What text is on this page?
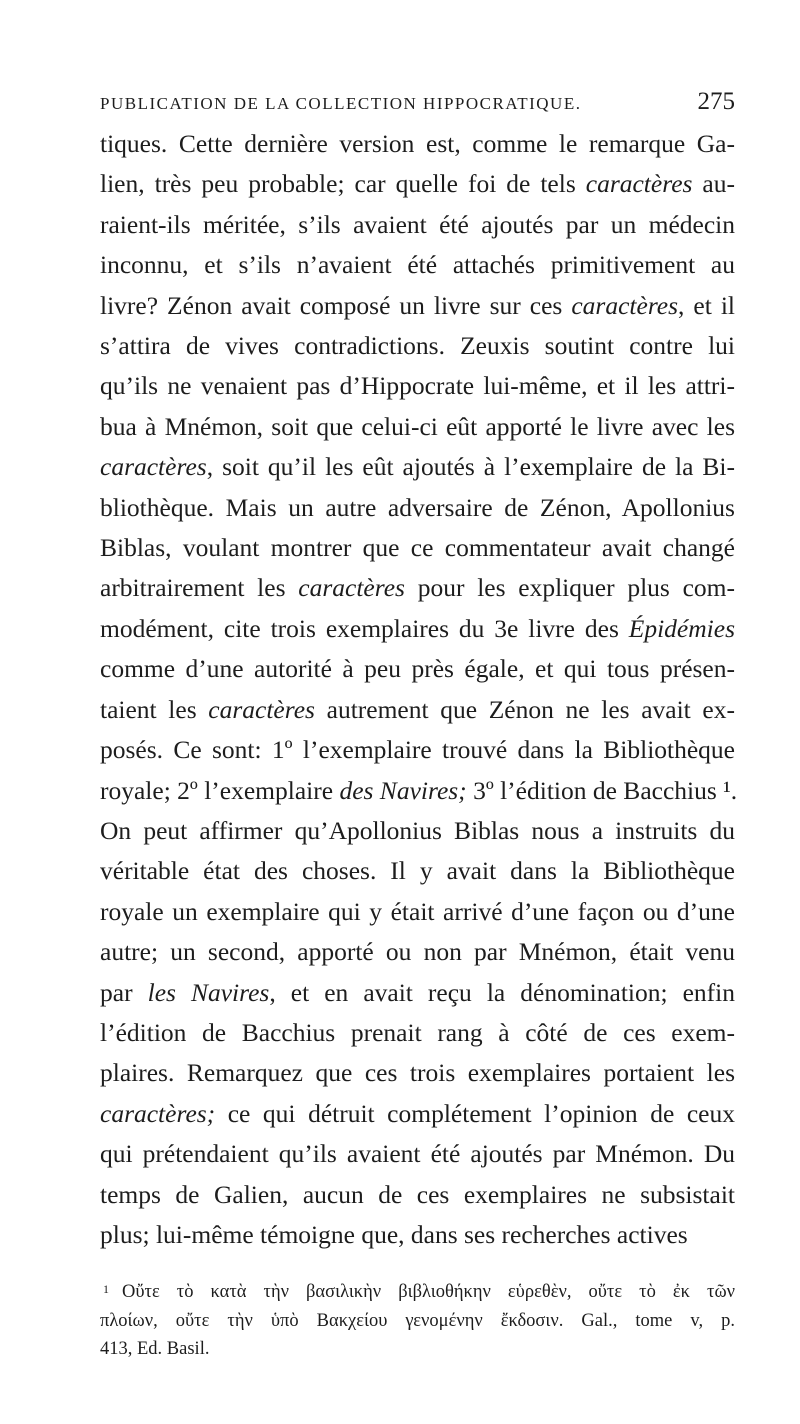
PUBLICATION DE LA COLLECTION HIPPOCRATIQUE.	275
tiques. Cette dernière version est, comme le remarque Ga-
lien, très peu probable; car quelle foi de tels caractères au-
raient-ils méritée, s’ils avaient été ajoutés par un médecin
inconnu, et s’ils n’avaient été attachés primitivement au
livre? Zénon avait composé un livre sur ces caractères, et il
s’attira de vives contradictions. Zeuxis soutint contre lui
qu’ils ne venaient pas d’Hippocrate lui-même, et il les attri-
bua à Mnémon, soit que celui-ci eût apporté le livre avec les
caractères, soit qu’il les eût ajoutés à l’exemplaire de la Bi-
bliothèque. Mais un autre adversaire de Zénon, Apollonius
Biblas, voulant montrer que ce commentateur avait changé
arbitrairement les caractères pour les expliquer plus com-
modément, cite trois exemplaires du 3e livre des Épidémies
comme d’une autorité à peu près égale, et qui tous présen-
taient les caractères autrement que Zénon ne les avait ex-
posés. Ce sont: 1º l’exemplaire trouvé dans la Bibliothèque
royale; 2º l’exemplaire des Navires; 3º l’édition de Bacchius ¹.
On peut affirmer qu’Apollonius Biblas nous a instruits du
véritable état des choses. Il y avait dans la Bibliothèque
royale un exemplaire qui y était arrivé d’une façon ou d’une
autre; un second, apporté ou non par Mnémon, était venu
par les Navires, et en avait reçu la dénomination; enfin
l’édition de Bacchius prenait rang à côté de ces exem-
plaires. Remarquez que ces trois exemplaires portaient les
caractères; ce qui détruit complétement l’opinion de ceux
qui prétendaient qu’ils avaient été ajoutés par Mnémon. Du
temps de Galien, aucun de ces exemplaires ne subsistait
plus; lui-même témoigne que, dans ses recherches actives
1 Οὔτε τὸ κατὰ τὴν βασιλικὴν βιβλιοθήκην εὑρεθὲν, οὔτε τὸ ἐκ τῶν
πλοίων, οὔτε τὴν ὑπὸ Βακχείου γενομένην ἔκδοσιν. Gal., tome v, p.
413, Ed. Basil.
